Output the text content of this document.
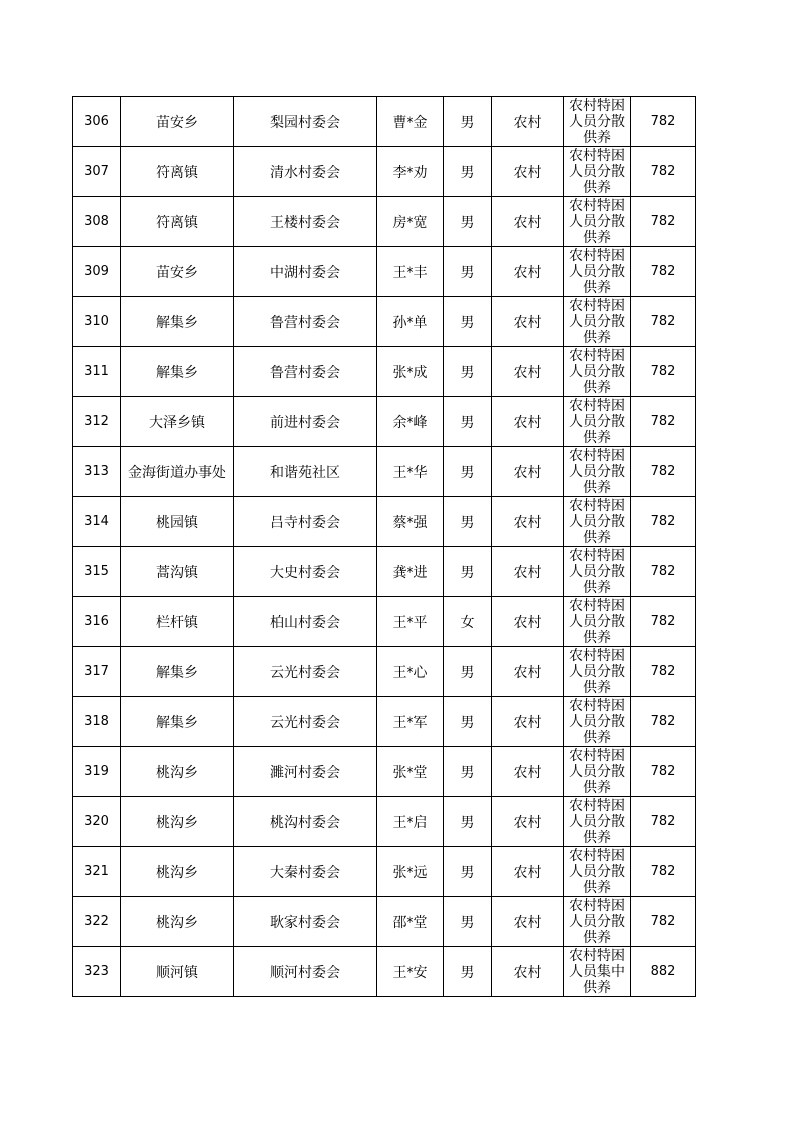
306	苗安乡	梨园村委会	曹*金	男	农村	农村特困人员分散供养	782
307	符离镇	清水村委会	李*劝	男	农村	农村特困人员分散供养	782
308	符离镇	王楼村委会	房*宽	男	农村	农村特困人员分散供养	782
309	苗安乡	中湖村委会	王*丰	男	农村	农村特困人员分散供养	782
310	解集乡	鲁营村委会	孙*单	男	农村	农村特困人员分散供养	782
311	解集乡	鲁营村委会	张*成	男	农村	农村特困人员分散供养	782
312	大泽乡镇	前进村委会	余*峰	男	农村	农村特困人员分散供养	782
313	金海街道办事处	和谐苑社区	王*华	男	农村	农村特困人员分散供养	782
314	桃园镇	吕寺村委会	蔡*强	男	农村	农村特困人员分散供养	782
315	蒿沟镇	大史村委会	龚*进	男	农村	农村特困人员分散供养	782
316	栏杆镇	柏山村委会	王*平	女	农村	农村特困人员分散供养	782
317	解集乡	云光村委会	王*心	男	农村	农村特困人员分散供养	782
318	解集乡	云光村委会	王*军	男	农村	农村特困人员分散供养	782
319	桃沟乡	濉河村委会	张*堂	男	农村	农村特困人员分散供养	782
320	桃沟乡	桃沟村委会	王*启	男	农村	农村特困人员分散供养	782
321	桃沟乡	大秦村委会	张*远	男	农村	农村特困人员分散供养	782
322	桃沟乡	耿家村委会	邵*堂	男	农村	农村特困人员分散供养	782
323	顺河镇	顺河村委会	王*安	男	农村	农村特困人员集中供养	882
